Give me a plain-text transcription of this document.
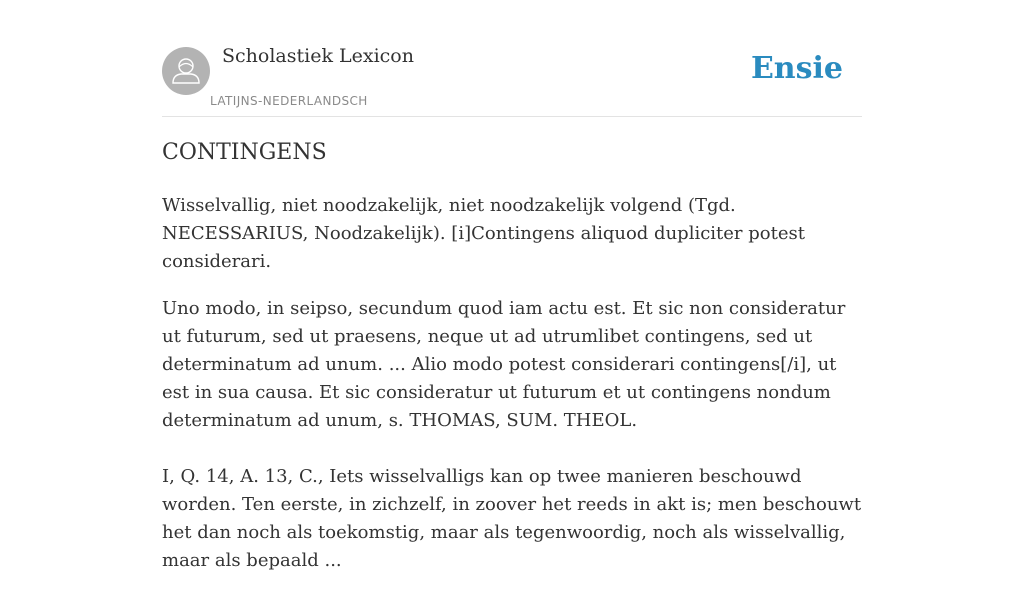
Scholastiek Lexicon
LATIJNS-NEDERLANDSCH
Ensie
CONTINGENS

Wisselvallig, niet noodzakelijk, niet noodzakelijk volgend (Tgd. NECESSARIUS, Noodzakelijk). [i]Contingens aliquod dupliciter potest considerari.

Uno modo, in seipso, secundum quod iam actu est. Et sic non consideratur ut futurum, sed ut praesens, neque ut ad utrumlibet contingens, sed ut determinatum ad unum. ... Alio modo potest considerari contingens[/i], ut est in sua causa. Et sic consideratur ut futurum et ut contingens nondum determinatum ad unum, s. THOMAS, SUM. THEOL.

I, Q. 14, A. 13, C., Iets wisselvalligs kan op twee manieren beschouwd worden. Ten eerste, in zichzelf, in zoover het reeds in akt is; men beschouwt het dan noch als toekomstig, maar als tegenwoordig, noch als wisselvallig, maar als bepaald ...
